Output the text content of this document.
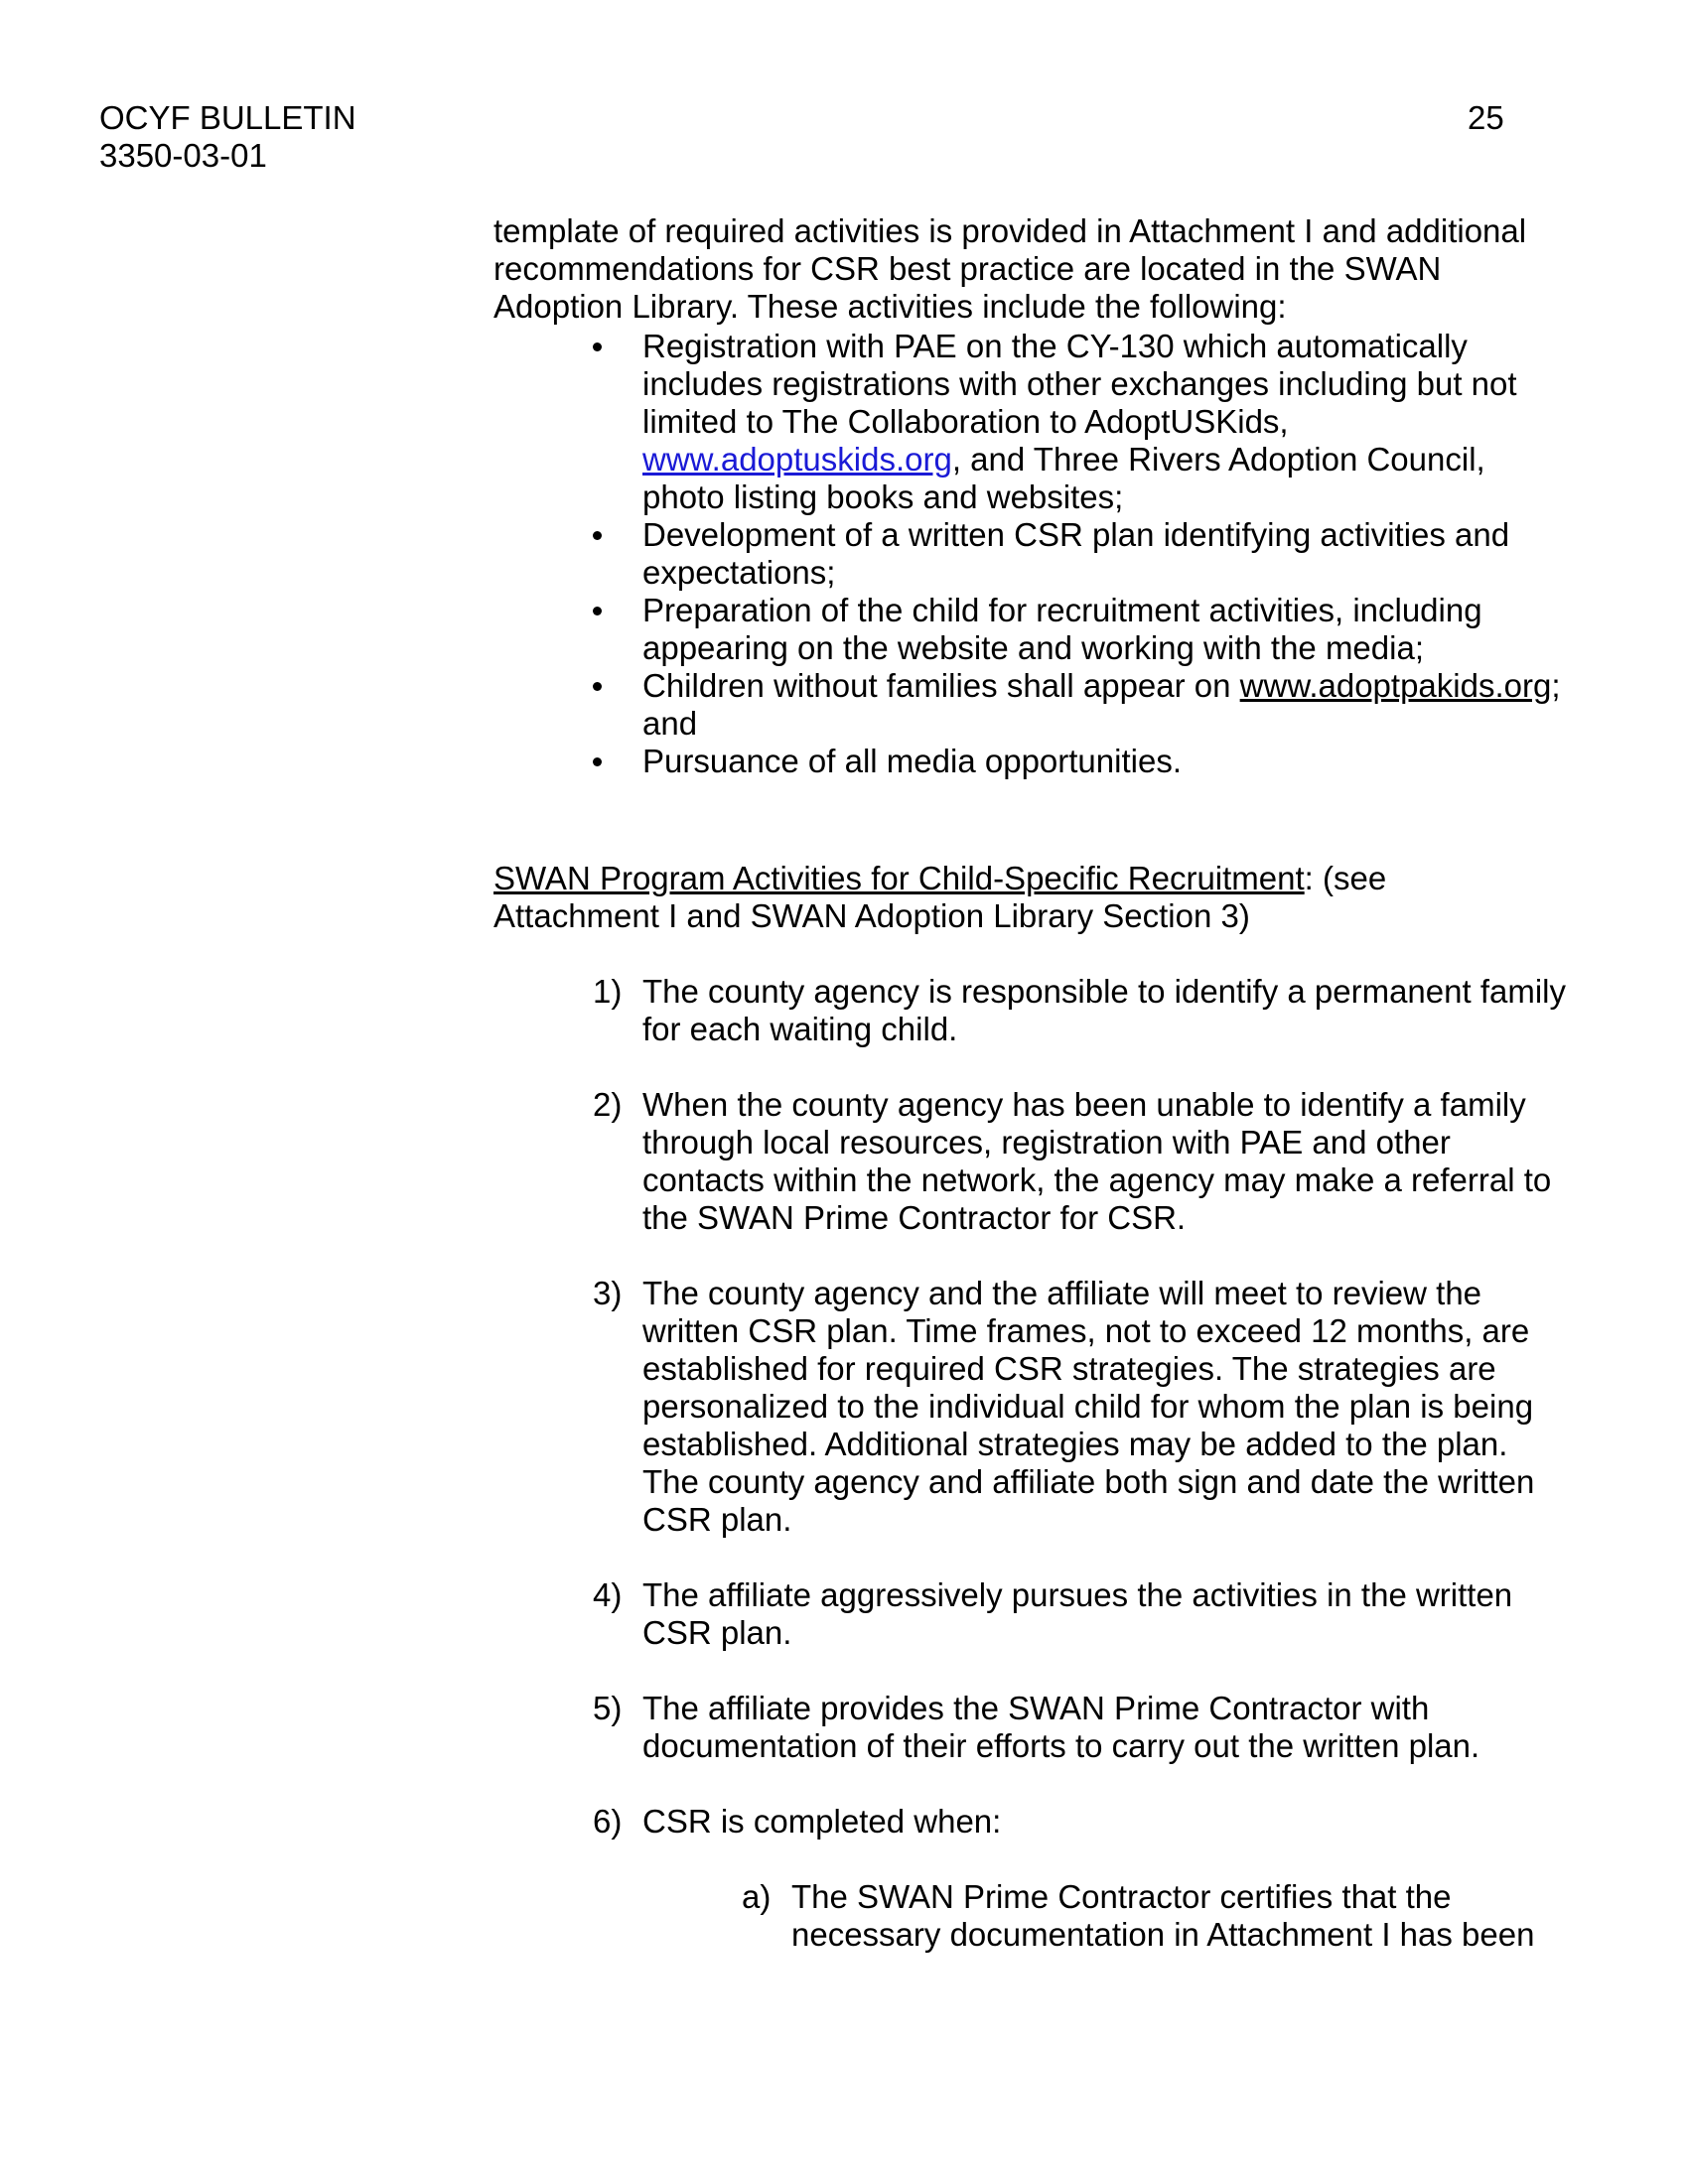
OCYF BULLETIN
3350-03-01
25
template of required activities is provided in Attachment I and additional
recommendations for CSR best practice are located in the SWAN
Adoption Library. These activities include the following:
Registration with PAE on the CY-130 which automatically
includes registrations with other exchanges including but not
limited to The Collaboration to AdoptUSKids,
www.adoptuskids.org, and Three Rivers Adoption Council,
photo listing books and websites;
Development of a written CSR plan identifying activities and
expectations;
Preparation of the child for recruitment activities, including
appearing on the website and working with the media;
Children without families shall appear on www.adoptpakids.org;
and
Pursuance of all media opportunities.
SWAN Program Activities for Child-Specific Recruitment: (see
Attachment I and SWAN Adoption Library Section 3)
1) The county agency is responsible to identify a permanent family
for each waiting child.
2) When the county agency has been unable to identify a family
through local resources, registration with PAE and other
contacts within the network, the agency may make a referral to
the SWAN Prime Contractor for CSR.
3) The county agency and the affiliate will meet to review the
written CSR plan. Time frames, not to exceed 12 months, are
established for required CSR strategies. The strategies are
personalized to the individual child for whom the plan is being
established. Additional strategies may be added to the plan.
The county agency and affiliate both sign and date the written
CSR plan.
4) The affiliate aggressively pursues the activities in the written
CSR plan.
5) The affiliate provides the SWAN Prime Contractor with
documentation of their efforts to carry out the written plan.
6) CSR is completed when:
a) The SWAN Prime Contractor certifies that the
necessary documentation in Attachment I has been
